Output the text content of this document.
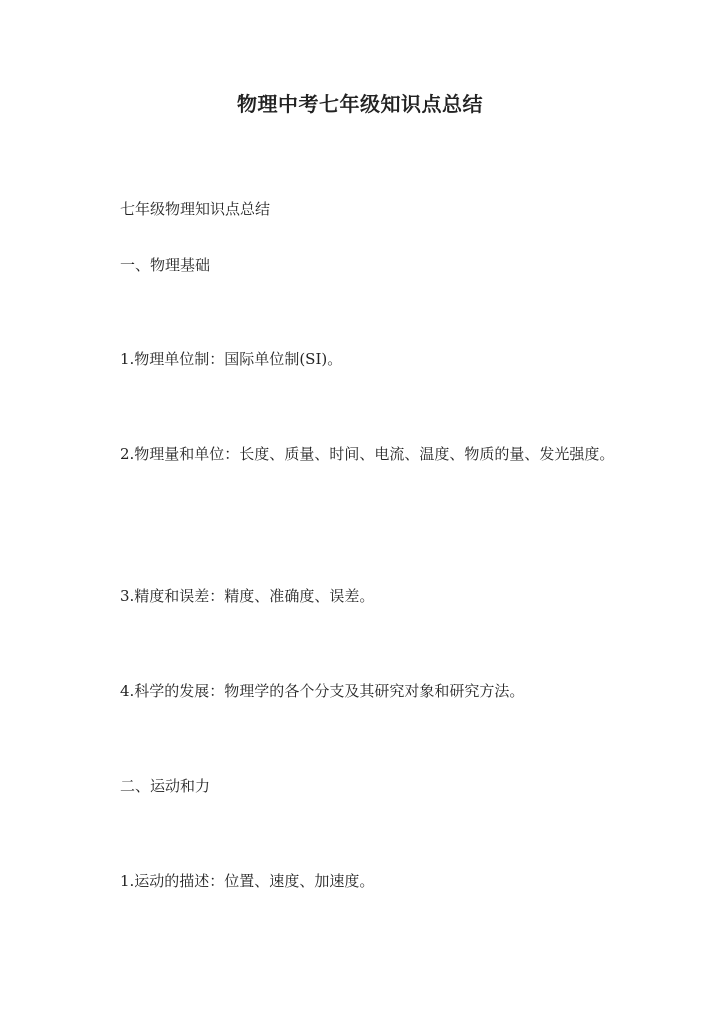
物理中考七年级知识点总结
七年级物理知识点总结
一、物理基础
1.物理单位制：国际单位制(SI)。
2.物理量和单位：长度、质量、时间、电流、温度、物质的量、发光强度。
3.精度和误差：精度、准确度、误差。
4.科学的发展：物理学的各个分支及其研究对象和研究方法。
二、运动和力
1.运动的描述：位置、速度、加速度。
